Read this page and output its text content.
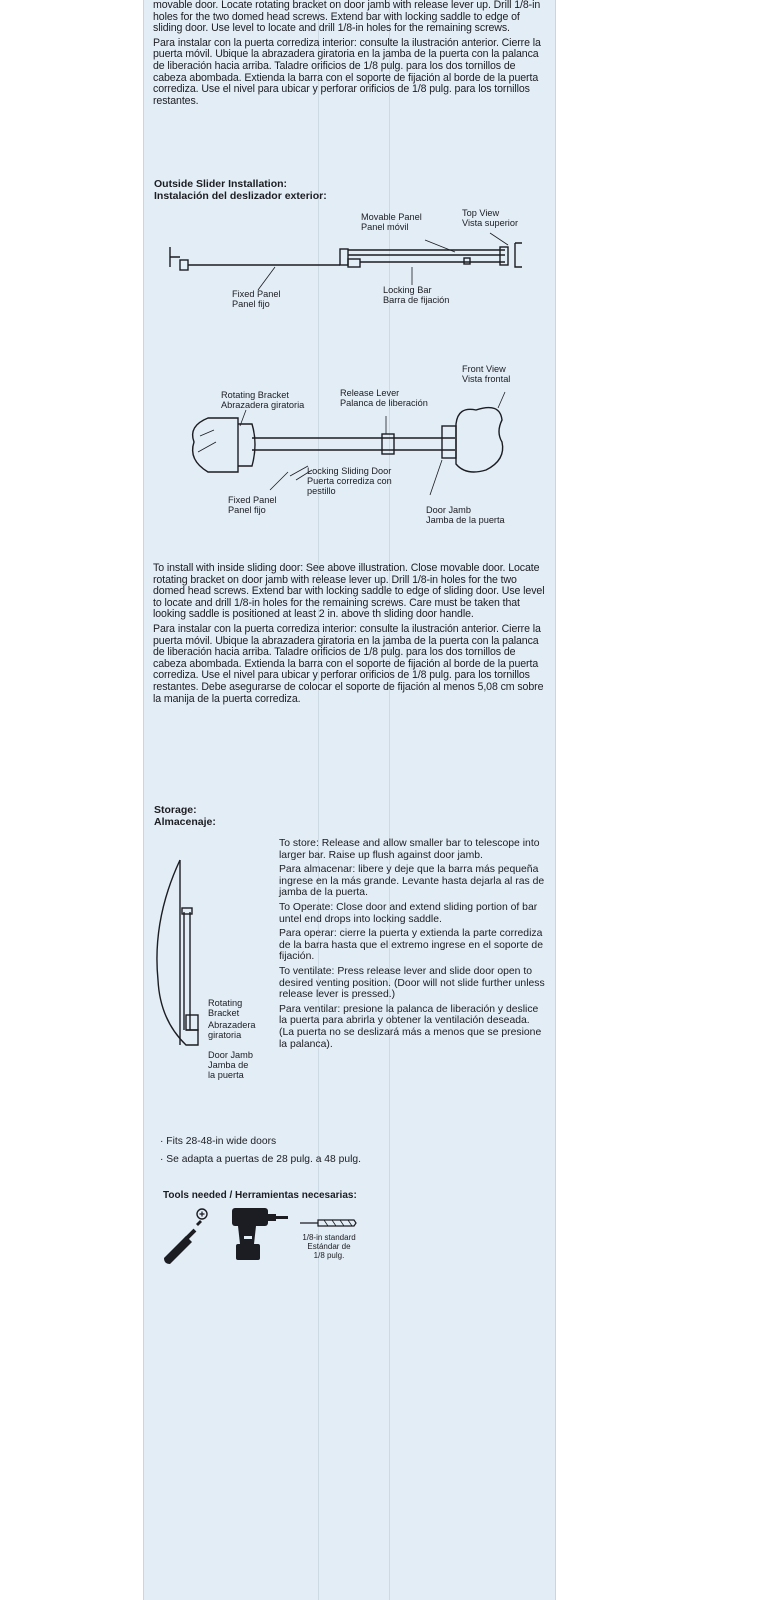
movable door. Locate rotating bracket on door jamb with release lever up. Drill 1/8-in holes for the two domed head screws. Extend bar with locking saddle to edge of sliding door. Use level to locate and drill 1/8-in holes for the remaining screws.

Para instalar con la puerta corrediza interior: consulte la ilustración anterior. Cierre la puerta móvil. Ubique la abrazadera giratoria en la jamba de la puerta con la palanca de liberación hacia arriba. Taladre orificios de 1/8 pulg. para los dos tornillos de cabeza abombada. Extienda la barra con el soporte de fijación al borde de la puerta corrediza. Use el nivel para ubicar y perforar orificios de 1/8 pulg. para los tornillos restantes.

Outside Slider Installation:
Instalación del deslizador exterior:
Movable Panel
Panel móvil
Top View
Vista superior
Fixed Panel
Panel fijo
Locking Bar
Barra de fijación
Front View
Vista frontal
Rotating Bracket
Abrazadera giratoria
Release Lever
Palanca de liberación
Locking Sliding Door
Puerta corrediza con
pestillo
Fixed Panel
Panel fijo	Door Jamb
Jamba de la puerta

To install with inside sliding door: See above illustration. Close movable door. Locate rotating bracket on door jamb with release lever up. Drill 1/8-in holes for the two domed head screws. Extend bar with locking saddle to edge of sliding door. Use level to locate and drill 1/8-in holes for the remaining screws. Care must be taken that looking saddle is positioned at least 2 in. above th sliding door handle.

Para instalar con la puerta corrediza interior: consulte la ilustración anterior. Cierre la puerta móvil. Ubique la abrazadera giratoria en la jamba de la puerta con la palanca de liberación hacia arriba. Taladre orificios de 1/8 pulg. para los dos tornillos de cabeza abombada. Extienda la barra con el soporte de fijación al borde de la puerta corrediza. Use el nivel para ubicar y perforar orificios de 1/8 pulg. para los tornillos restantes. Debe asegurarse de colocar el soporte de fijación al menos 5,08 cm sobre la manija de la puerta corrediza.

Storage:
Almacenaje:
Rotating
Bracket
Abrazadera
giratoria
Door Jamb
Jamba de
la puerta

To store: Release and allow smaller bar to telescope into larger bar. Raise up flush against door jamb.

Para almacenar: libere y deje que la barra más pequeña ingrese en la más grande. Levante hasta dejarla al ras de jamba de la puerta.

To Operate: Close door and extend sliding portion of bar untel end drops into locking saddle.

Para operar: cierre la puerta y extienda la parte corrediza de la barra hasta que el extremo ingrese en el soporte de fijación.

To ventilate: Press release lever and slide door open to desired venting position. (Door will not slide further unless release lever is pressed.)

Para ventilar: presione la palanca de liberación y deslice la puerta para abrirla y obtener la ventilación deseada. (La puerta no se deslizará más a menos que se presione la palanca).

· Fits 28-48-in wide doors
· Se adapta a puertas de 28 pulg. a 48 pulg.
Tools needed / Herramientas necesarias:
1/8-in standard
Estándar de
1/8 pulg.
